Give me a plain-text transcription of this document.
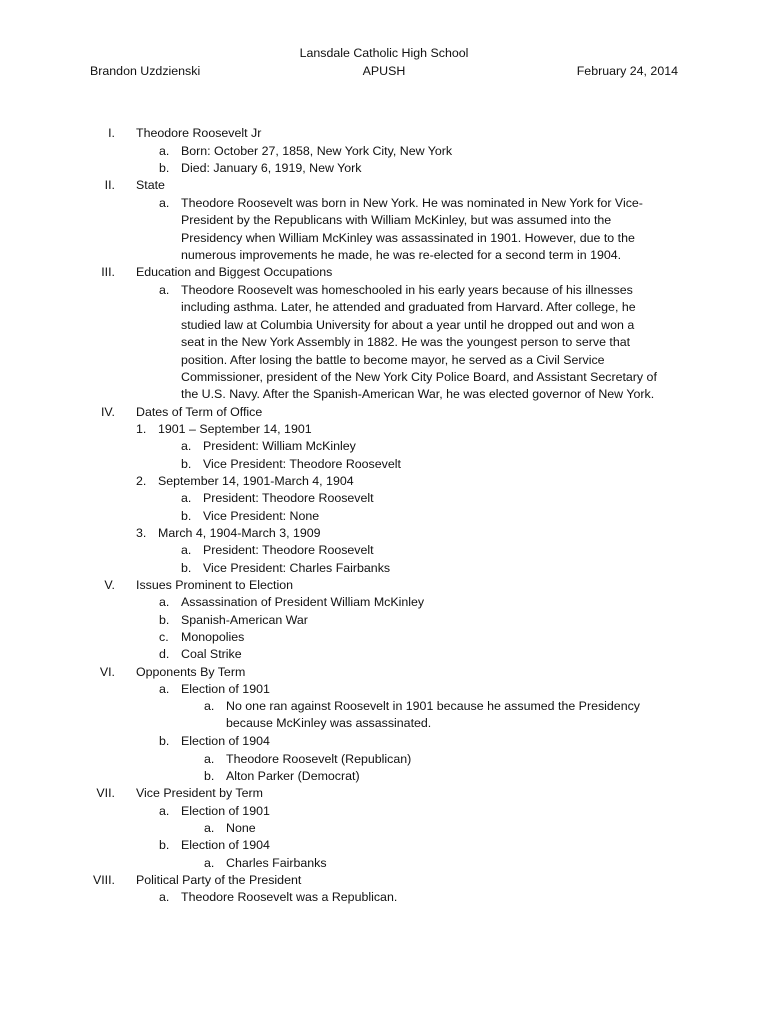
Lansdale Catholic High School
Brandon Uzdzienski	APUSH	February 24, 2014
I. Theodore Roosevelt Jr
a. Born: October 27, 1858, New York City, New York
b. Died: January 6, 1919, New York
II. State
a. Theodore Roosevelt was born in New York. He was nominated in New York for Vice-President by the Republicans with William McKinley, but was assumed into the Presidency when William McKinley was assassinated in 1901. However, due to the numerous improvements he made, he was re-elected for a second term in 1904.
III. Education and Biggest Occupations
a. Theodore Roosevelt was homeschooled in his early years because of his illnesses including asthma. Later, he attended and graduated from Harvard. After college, he studied law at Columbia University for about a year until he dropped out and won a seat in the New York Assembly in 1882. He was the youngest person to serve that position. After losing the battle to become mayor, he served as a Civil Service Commissioner, president of the New York City Police Board, and Assistant Secretary of the U.S. Navy. After the Spanish-American War, he was elected governor of New York.
IV. Dates of Term of Office
1. 1901 – September 14, 1901
a. President: William McKinley
b. Vice President: Theodore Roosevelt
2. September 14, 1901-March 4, 1904
a. President: Theodore Roosevelt
b. Vice President: None
3. March 4, 1904-March 3, 1909
a. President: Theodore Roosevelt
b. Vice President: Charles Fairbanks
V. Issues Prominent to Election
a. Assassination of President William McKinley
b. Spanish-American War
c. Monopolies
d. Coal Strike
VI. Opponents By Term
a. Election of 1901
a. No one ran against Roosevelt in 1901 because he assumed the Presidency because McKinley was assassinated.
b. Election of 1904
a. Theodore Roosevelt (Republican)
b. Alton Parker (Democrat)
VII. Vice President by Term
a. Election of 1901
a. None
b. Election of 1904
a. Charles Fairbanks
VIII. Political Party of the President
a. Theodore Roosevelt was a Republican.
